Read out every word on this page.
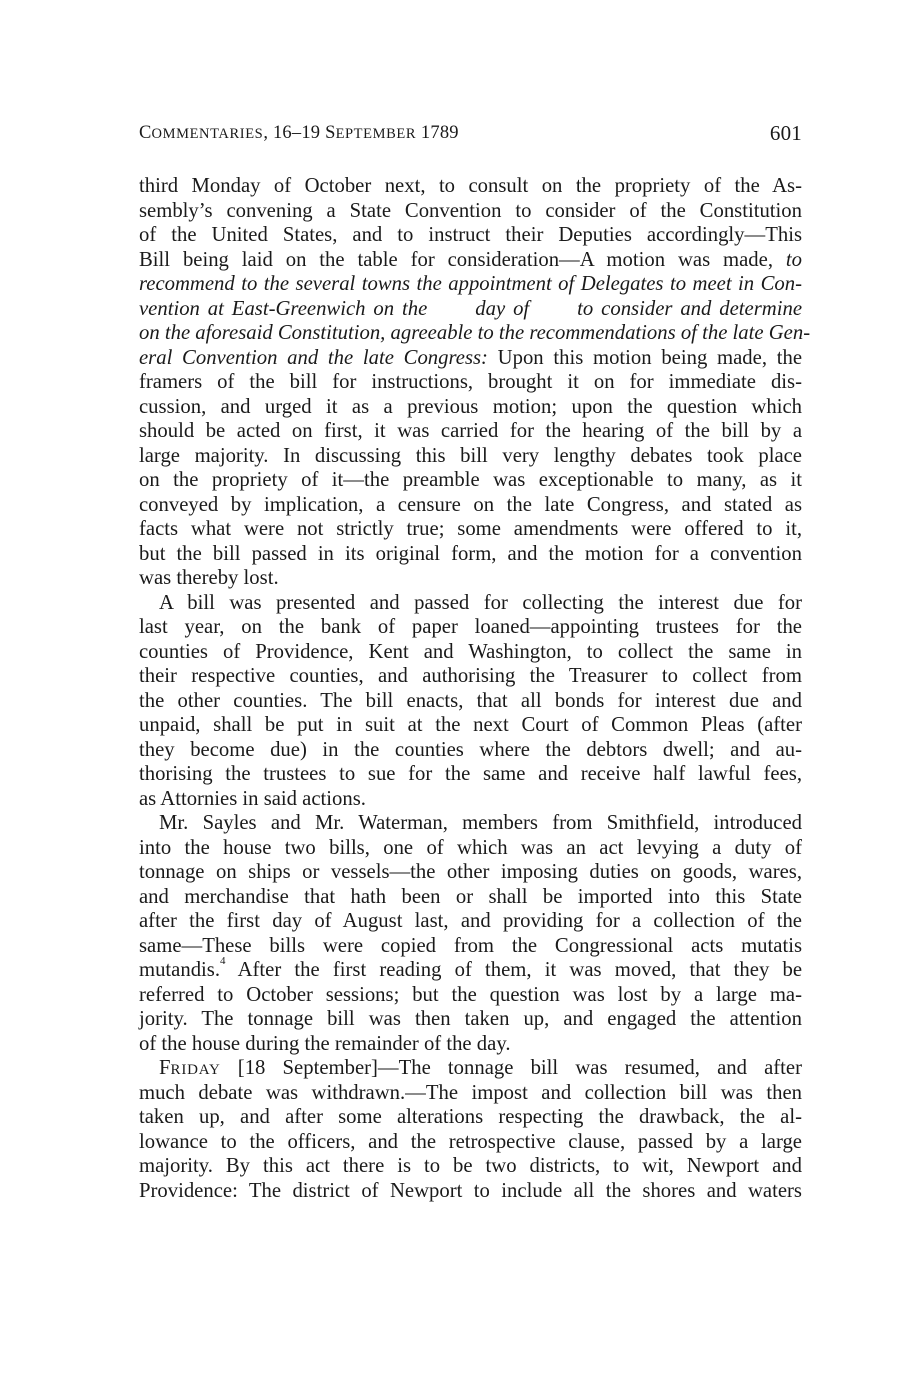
COMMENTARIES, 16–19 SEPTEMBER 1789	601
third Monday of October next, to consult on the propriety of the As-
sembly’s convening a State Convention to consider of the Constitution
of the United States, and to instruct their Deputies accordingly—This
Bill being laid on the table for consideration—A motion was made, to
recommend to the several towns the appointment of Delegates to meet in Con-
vention at East-Greenwich on the day of to consider and determine
on the aforesaid Constitution, agreeable to the recommendations of the late Gen-
eral Convention and the late Congress: Upon this motion being made, the
framers of the bill for instructions, brought it on for immediate dis-
cussion, and urged it as a previous motion; upon the question which
should be acted on first, it was carried for the hearing of the bill by a
large majority. In discussing this bill very lengthy debates took place
on the propriety of it—the preamble was exceptionable to many, as it
conveyed by implication, a censure on the late Congress, and stated as
facts what were not strictly true; some amendments were offered to it,
but the bill passed in its original form, and the motion for a convention
was thereby lost.
A bill was presented and passed for collecting the interest due for
last year, on the bank of paper loaned—appointing trustees for the
counties of Providence, Kent and Washington, to collect the same in
their respective counties, and authorising the Treasurer to collect from
the other counties. The bill enacts, that all bonds for interest due and
unpaid, shall be put in suit at the next Court of Common Pleas (after
they become due) in the counties where the debtors dwell; and au-
thorising the trustees to sue for the same and receive half lawful fees,
as Attornies in said actions.
Mr. Sayles and Mr. Waterman, members from Smithfield, introduced
into the house two bills, one of which was an act levying a duty of
tonnage on ships or vessels—the other imposing duties on goods, wares,
and merchandise that hath been or shall be imported into this State
after the first day of August last, and providing for a collection of the
same—These bills were copied from the Congressional acts mutatis
mutandis.$^4$ After the first reading of them, it was moved, that they be
referred to October sessions; but the question was lost by a large ma-
jority. The tonnage bill was then taken up, and engaged the attention
of the house during the remainder of the day.
FRIDAY [18 September]—The tonnage bill was resumed, and after
much debate was withdrawn.—The impost and collection bill was then
taken up, and after some alterations respecting the drawback, the al-
lowance to the officers, and the retrospective clause, passed by a large
majority. By this act there is to be two districts, to wit, Newport and
Providence: The district of Newport to include all the shores and waters
